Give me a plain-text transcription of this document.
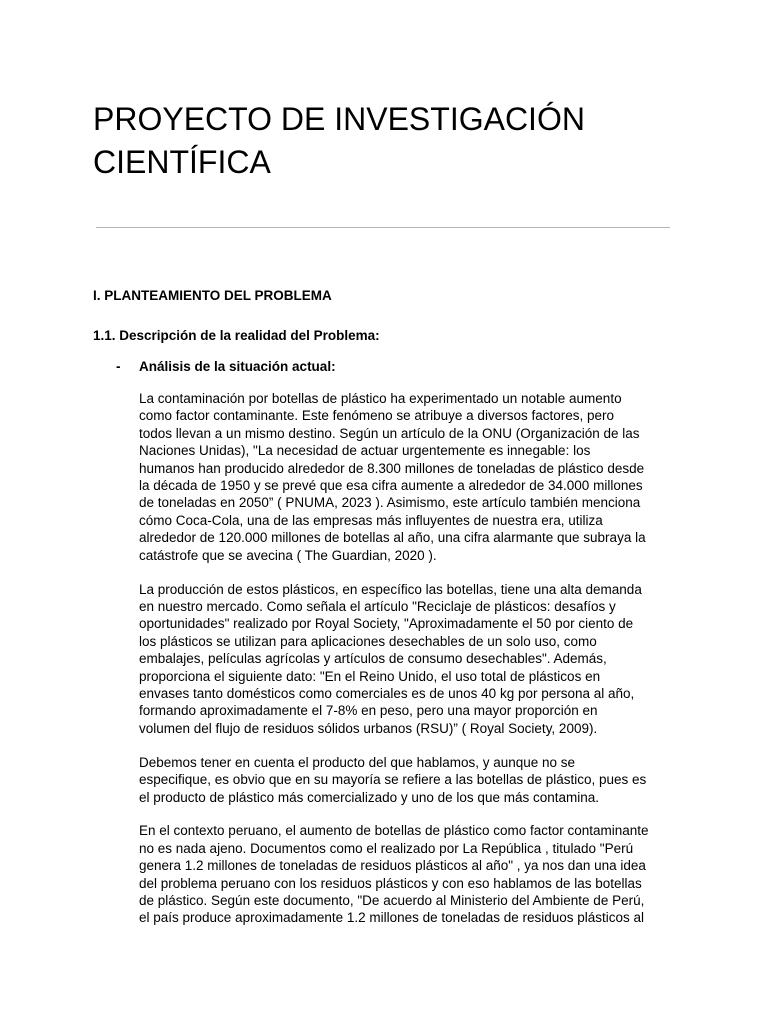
PROYECTO DE INVESTIGACIÓN
CIENTÍFICA
I. PLANTEAMIENTO DEL PROBLEMA
1.1. Descripción de la realidad del Problema:
-	Análisis de la situación actual:

La contaminación por botellas de plástico ha experimentado un notable aumento
como factor contaminante. Este fenómeno se atribuye a diversos factores, pero
todos llevan a un mismo destino. Según un artículo de la ONU (Organización de las
Naciones Unidas), "La necesidad de actuar urgentemente es innegable: los
humanos han producido alrededor de 8.300 millones de toneladas de plástico desde
la década de 1950 y se prevé que esa cifra aumente a alrededor de 34.000 millones
de toneladas en 2050” ( PNUMA, 2023 ). Asimismo, este artículo también menciona
cómo Coca-Cola, una de las empresas más influyentes de nuestra era, utiliza
alrededor de 120.000 millones de botellas al año, una cifra alarmante que subraya la
catástrofe que se avecina ( The Guardian, 2020 ).

La producción de estos plásticos, en específico las botellas, tiene una alta demanda
en nuestro mercado. Como señala el artículo "Reciclaje de plásticos: desafíos y
oportunidades" realizado por Royal Society, "Aproximadamente el 50 por ciento de
los plásticos se utilizan para aplicaciones desechables de un solo uso, como
embalajes, películas agrícolas y artículos de consumo desechables". Además,
proporciona el siguiente dato: "En el Reino Unido, el uso total de plásticos en
envases tanto domésticos como comerciales es de unos 40 kg por persona al año,
formando aproximadamente el 7-8% en peso, pero una mayor proporción en
volumen del flujo de residuos sólidos urbanos (RSU)” ( Royal Society, 2009).

Debemos tener en cuenta el producto del que hablamos, y aunque no se
especifique, es obvio que en su mayoría se refiere a las botellas de plástico, pues es
el producto de plástico más comercializado y uno de los que más contamina.

En el contexto peruano, el aumento de botellas de plástico como factor contaminante
no es nada ajeno. Documentos como el realizado por La República , titulado "Perú
genera 1.2 millones de toneladas de residuos plásticos al año" , ya nos dan una idea
del problema peruano con los residuos plásticos y con eso hablamos de las botellas
de plástico. Según este documento, "De acuerdo al Ministerio del Ambiente de Perú,
el país produce aproximadamente 1.2 millones de toneladas de residuos plásticos al
